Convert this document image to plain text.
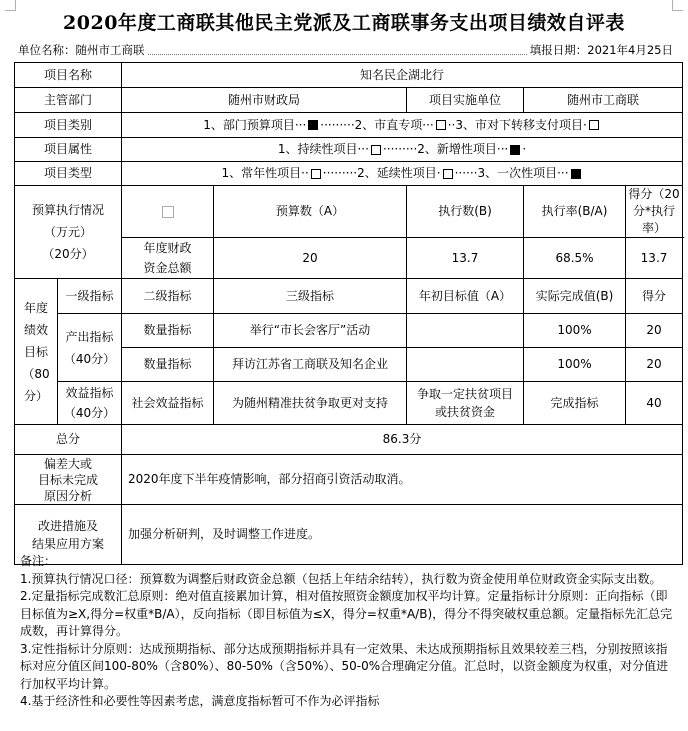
2020年度工商联其他民主党派及工商联事务支出项目绩效自评表
单位名称：随州市工商联	填报日期：2021年4月25日
项目名称		知名民企湖北行				
主管部门		随州市财政局		项目实施单位	随州市工商联	
项目类别		1、部门预算项目··· ·········2、市直专项··· ··3、市对下转移支付项目·				
项目属性		1、持续性项目··· ·········2、新增性项目··· ·				
项目类型		1、常年性项目·· ·········2、延续性项目· ······3、一次性项目···				

预算执行情况
（万元）
（20分）			预算数（A）	执行数(B)	执行率(B/A)	得分（20分*执行率）

		年度财政
资金总额	20	13.7	68.5%	13.7

年度
绩效
目标
（80
分）	一级指标	二级指标	三级指标	年初目标值（A）	实际完成值(B)	得分

	产出指标
（40分）	数量指标	举行“市长会客厅”活动		100%	20
		数量指标	拜访江苏省工商联及知名企业		100%	20

	效益指标
（40分）	社会效益指标	为随州精准扶贫争取更对支持	争取一定扶贫项目或扶贫资金	完成指标	40
总分		86.3分				

偏差大或
目标未完成
原因分析		2020年度下半年疫情影响，部分招商引资活动取消。				

改进措施及
结果应用方案		加强分析研判，及时调整工作进度。				

备注：

1.预算执行情况口径：预算数为调整后财政资金总额（包括上年结余结转），执行数为资金使用单位财政资金实际支出数。

2.定量指标完成数汇总原则：绝对值直接累加计算，相对值按照资金额度加权平均计算。定量指标计分原则：正向指标（即目标值为≥X,得分=权重*B/A），反向指标（即目标值为≤X，得分=权重*A/B)，得分不得突破权重总额。定量指标先汇总完成数，再计算得分。

3.定性指标计分原则：达成预期指标、部分达成预期指标并具有一定效果、未达成预期指标且效果较差三档，分别按照该指标对应分值区间100-80%（含80%）、80-50%（含50%）、50-0%合理确定分值。汇总时，以资金额度为权重，对分值进行加权平均计算。

4.基于经济性和必要性等因素考虑，满意度指标暂可不作为必评指标
